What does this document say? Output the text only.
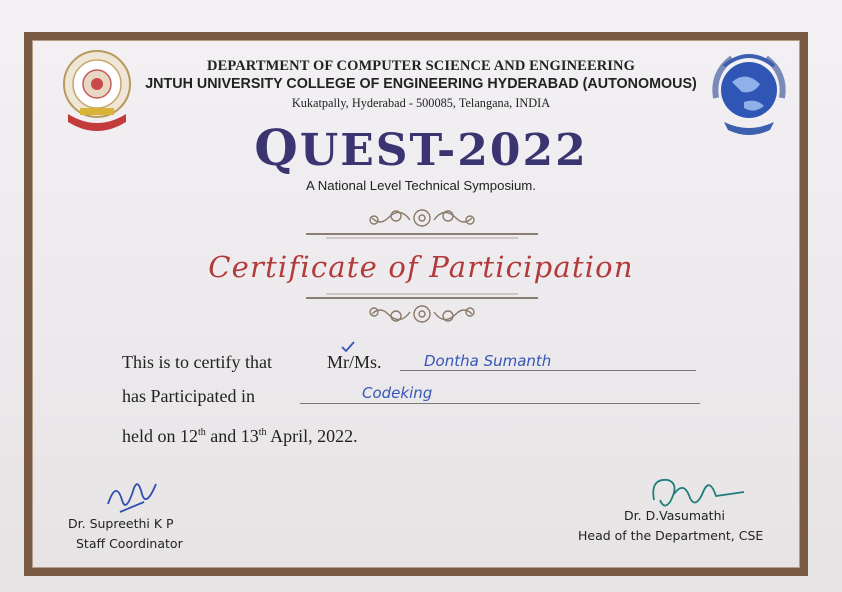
DEPARTMENT OF COMPUTER SCIENCE AND ENGINEERING
JNTUH UNIVERSITY COLLEGE OF ENGINEERING HYDERABAD (AUTONOMOUS)
Kukatpally, Hyderabad - 500085, Telangana, INDIA
QUEST-2022
A National Level Technical Symposium.
Certificate of Participation
This is to certify that	Mr/Ms.	Dontha Sumanth
has Participated in	Codeking
held on 12th and 13th April, 2022.
Dr. Supreethi K P
Staff Coordinator
Dr. D.Vasumathi
Head of the Department, CSE
